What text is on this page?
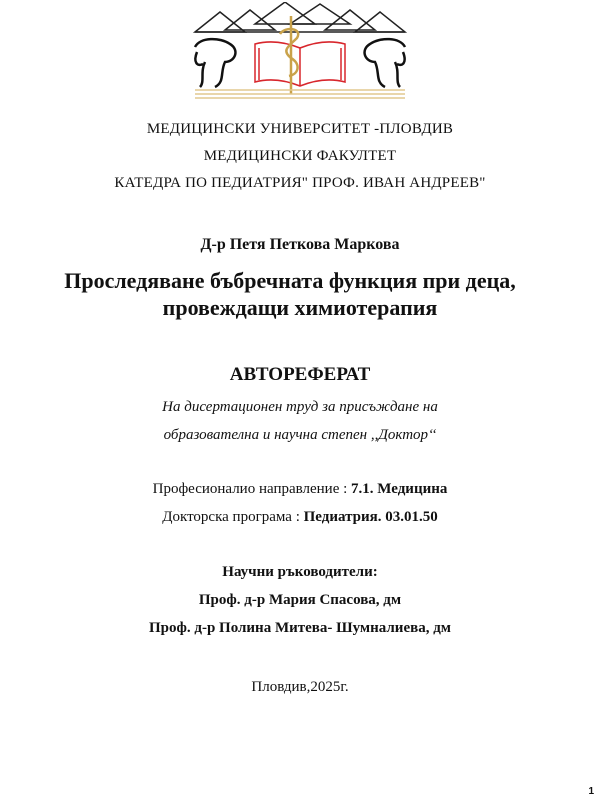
МЕДИЦИНСКИ УНИВЕРСИТЕТ -ПЛОВДИВ
МЕДИЦИНСКИ ФАКУЛТЕТ
КАТЕДРА ПО ПЕДИАТРИЯ" ПРОФ. ИВАН АНДРЕЕВ"
Д-р Петя Петкова Маркова
Проследяване бъбречната функция при деца,
провеждащи химиотерапия
АВТОРЕФЕРАТ
На дисертационен труд за присъждане на
образователна и научна степен ,,Доктор‘‘
Професионалио направление : 7.1. Медицина
Докторска програма : Педиатрия. 03.01.50
Научни ръководители:
Проф. д-р Мария Спасова, дм
Проф. д-р Полина Митева- Шумналиева, дм
Пловдив,2025г.
1
